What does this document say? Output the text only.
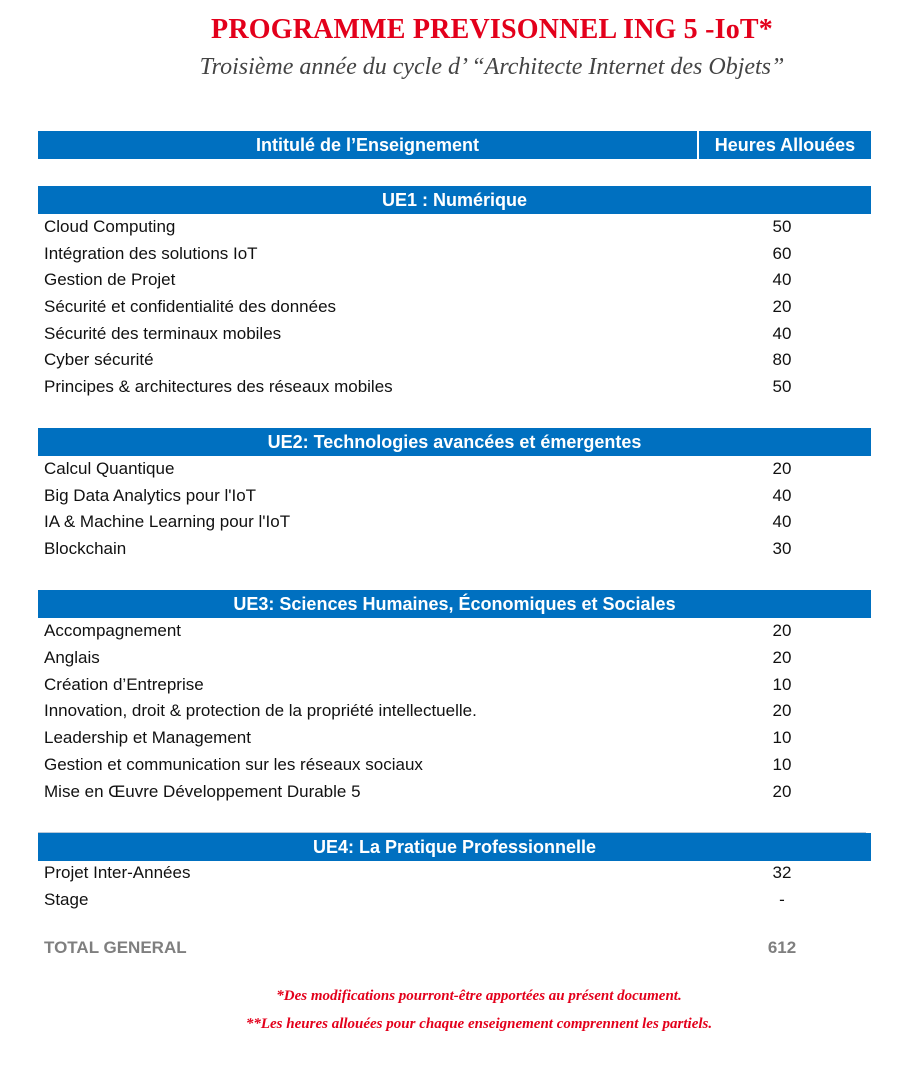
PROGRAMME PREVISONNEL ING 5 -IoT*
Troisième année du cycle d’ “Architecte Internet des Objets”
Intitulé de l’Enseignement	Heures Allouées
UE1 : Numérique
Cloud Computing	50
Intégration des solutions IoT	60
Gestion de Projet	40
Sécurité et confidentialité des données	20
Sécurité des terminaux mobiles	40
Cyber sécurité	80
Principes & architectures des réseaux mobiles	50
UE2: Technologies avancées et émergentes
Calcul Quantique	20
Big Data Analytics pour l'IoT	40
IA & Machine Learning pour l'IoT	40
Blockchain	30
UE3: Sciences Humaines, Économiques et Sociales
Accompagnement	20
Anglais	20
Création d’Entreprise	10
Innovation, droit & protection de la propriété intellectuelle.	20
Leadership et Management	10
Gestion et communication sur les réseaux sociaux	10
Mise en Œuvre Développement Durable 5	20
UE4: La Pratique Professionnelle
Projet Inter-Années	32
Stage	-
TOTAL GENERAL	612
*Des modifications pourront-être apportées au présent document.
**Les heures allouées pour chaque enseignement comprennent les partiels.
